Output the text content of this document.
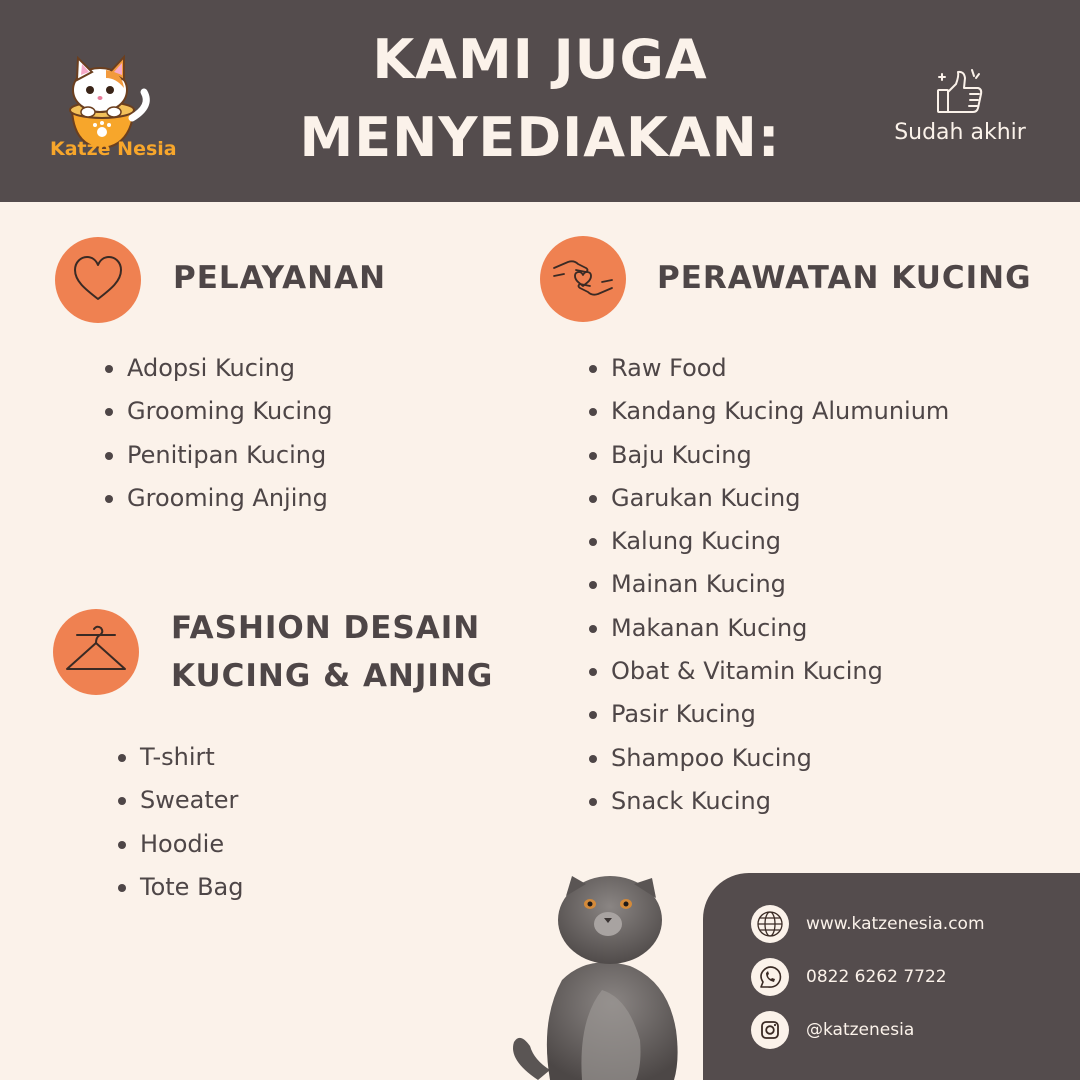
Katze Nesia
KAMI JUGA
MENYEDIAKAN:	Sudah akhir
PELAYANAN
Adopsi Kucing
Grooming Kucing
Penitipan Kucing
Grooming Anjing
FASHION DESAIN
KUCING & ANJING
T-shirt
Sweater
Hoodie
Tote Bag
PERAWATAN KUCING
Raw Food
Kandang Kucing Alumunium
Baju Kucing
Garukan Kucing
Kalung Kucing
Mainan Kucing
Makanan Kucing
Obat & Vitamin Kucing
Pasir Kucing
Shampoo Kucing
Snack Kucing
www.katzenesia.com
0822 6262 7722
@katzenesia
